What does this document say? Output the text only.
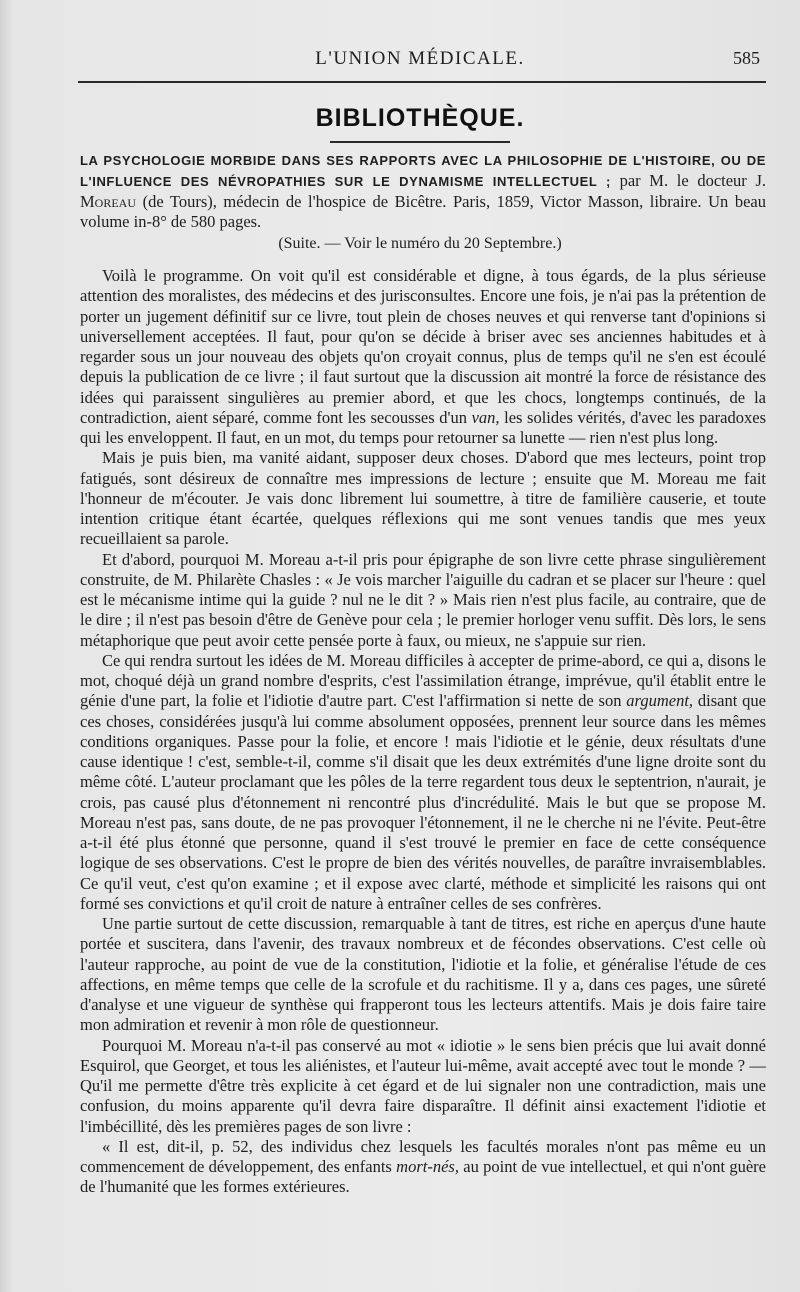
L'UNION MÉDICALE.	585
BIBLIOTHÈQUE.
LA PSYCHOLOGIE MORBIDE DANS SES RAPPORTS AVEC LA PHILOSOPHIE DE L'HISTOIRE, OU DE L'INFLUENCE DES NÉVROPATHIES SUR LE DYNAMISME INTELLECTUEL ; par M. le docteur J. Moreau (de Tours), médecin de l'hospice de Bicêtre. Paris, 1859, Victor Masson, libraire. Un beau volume in-8° de 580 pages.
(Suite. — Voir le numéro du 20 Septembre.)

Voilà le programme. On voit qu'il est considérable et digne, à tous égards, de la plus sérieuse attention des moralistes, des médecins et des jurisconsultes. Encore une fois, je n'ai pas la prétention de porter un jugement définitif sur ce livre, tout plein de choses neuves et qui renverse tant d'opinions si universellement acceptées. Il faut, pour qu'on se décide à briser avec ses anciennes habitudes et à regarder sous un jour nouveau des objets qu'on croyait connus, plus de temps qu'il ne s'en est écoulé depuis la publication de ce livre ; il faut surtout que la discussion ait montré la force de résistance des idées qui paraissent singulières au premier abord, et que les chocs, longtemps continués, de la contradiction, aient séparé, comme font les secousses d'un van, les solides vérités, d'avec les paradoxes qui les enveloppent. Il faut, en un mot, du temps pour retourner sa lunette — rien n'est plus long.

Mais je puis bien, ma vanité aidant, supposer deux choses. D'abord que mes lecteurs, point trop fatigués, sont désireux de connaître mes impressions de lecture ; ensuite que M. Moreau me fait l'honneur de m'écouter. Je vais donc librement lui soumettre, à titre de familière causerie, et toute intention critique étant écartée, quelques réflexions qui me sont venues tandis que mes yeux recueillaient sa parole.

Et d'abord, pourquoi M. Moreau a-t-il pris pour épigraphe de son livre cette phrase singulièrement construite, de M. Philarète Chasles : « Je vois marcher l'aiguille du cadran et se placer sur l'heure : quel est le mécanisme intime qui la guide ? nul ne le dit ? » Mais rien n'est plus facile, au contraire, que de le dire ; il n'est pas besoin d'être de Genève pour cela ; le premier horloger venu suffit. Dès lors, le sens métaphorique que peut avoir cette pensée porte à faux, ou mieux, ne s'appuie sur rien.

Ce qui rendra surtout les idées de M. Moreau difficiles à accepter de prime-abord, ce qui a, disons le mot, choqué déjà un grand nombre d'esprits, c'est l'assimilation étrange, imprévue, qu'il établit entre le génie d'une part, la folie et l'idiotie d'autre part. C'est l'affirmation si nette de son argument, disant que ces choses, considérées jusqu'à lui comme absolument opposées, prennent leur source dans les mêmes conditions organiques. Passe pour la folie, et encore ! mais l'idiotie et le génie, deux résultats d'une cause identique ! c'est, semble-t-il, comme s'il disait que les deux extrémités d'une ligne droite sont du même côté. L'auteur proclamant que les pôles de la terre regardent tous deux le septentrion, n'aurait, je crois, pas causé plus d'étonnement ni rencontré plus d'incrédulité. Mais le but que se propose M. Moreau n'est pas, sans doute, de ne pas provoquer l'étonnement, il ne le cherche ni ne l'évite. Peut-être a-t-il été plus étonné que personne, quand il s'est trouvé le premier en face de cette conséquence logique de ses observations. C'est le propre de bien des vérités nouvelles, de paraître invraisemblables. Ce qu'il veut, c'est qu'on examine ; et il expose avec clarté, méthode et simplicité les raisons qui ont formé ses convictions et qu'il croit de nature à entraîner celles de ses confrères.

Une partie surtout de cette discussion, remarquable à tant de titres, est riche en aperçus d'une haute portée et suscitera, dans l'avenir, des travaux nombreux et de fécondes observations. C'est celle où l'auteur rapproche, au point de vue de la constitution, l'idiotie et la folie, et généralise l'étude de ces affections, en même temps que celle de la scrofule et du rachitisme. Il y a, dans ces pages, une sûreté d'analyse et une vigueur de synthèse qui frapperont tous les lecteurs attentifs. Mais je dois faire taire mon admiration et revenir à mon rôle de questionneur.

Pourquoi M. Moreau n'a-t-il pas conservé au mot « idiotie » le sens bien précis que lui avait donné Esquirol, que Georget, et tous les aliénistes, et l'auteur lui-même, avait accepté avec tout le monde ? — Qu'il me permette d'être très explicite à cet égard et de lui signaler non une contradiction, mais une confusion, du moins apparente qu'il devra faire disparaître. Il définit ainsi exactement l'idiotie et l'imbécillité, dès les premières pages de son livre :

« Il est, dit-il, p. 52, des individus chez lesquels les facultés morales n'ont pas même eu un commencement de développement, des enfants mort-nés, au point de vue intellectuel, et qui n'ont guère de l'humanité que les formes extérieures.
